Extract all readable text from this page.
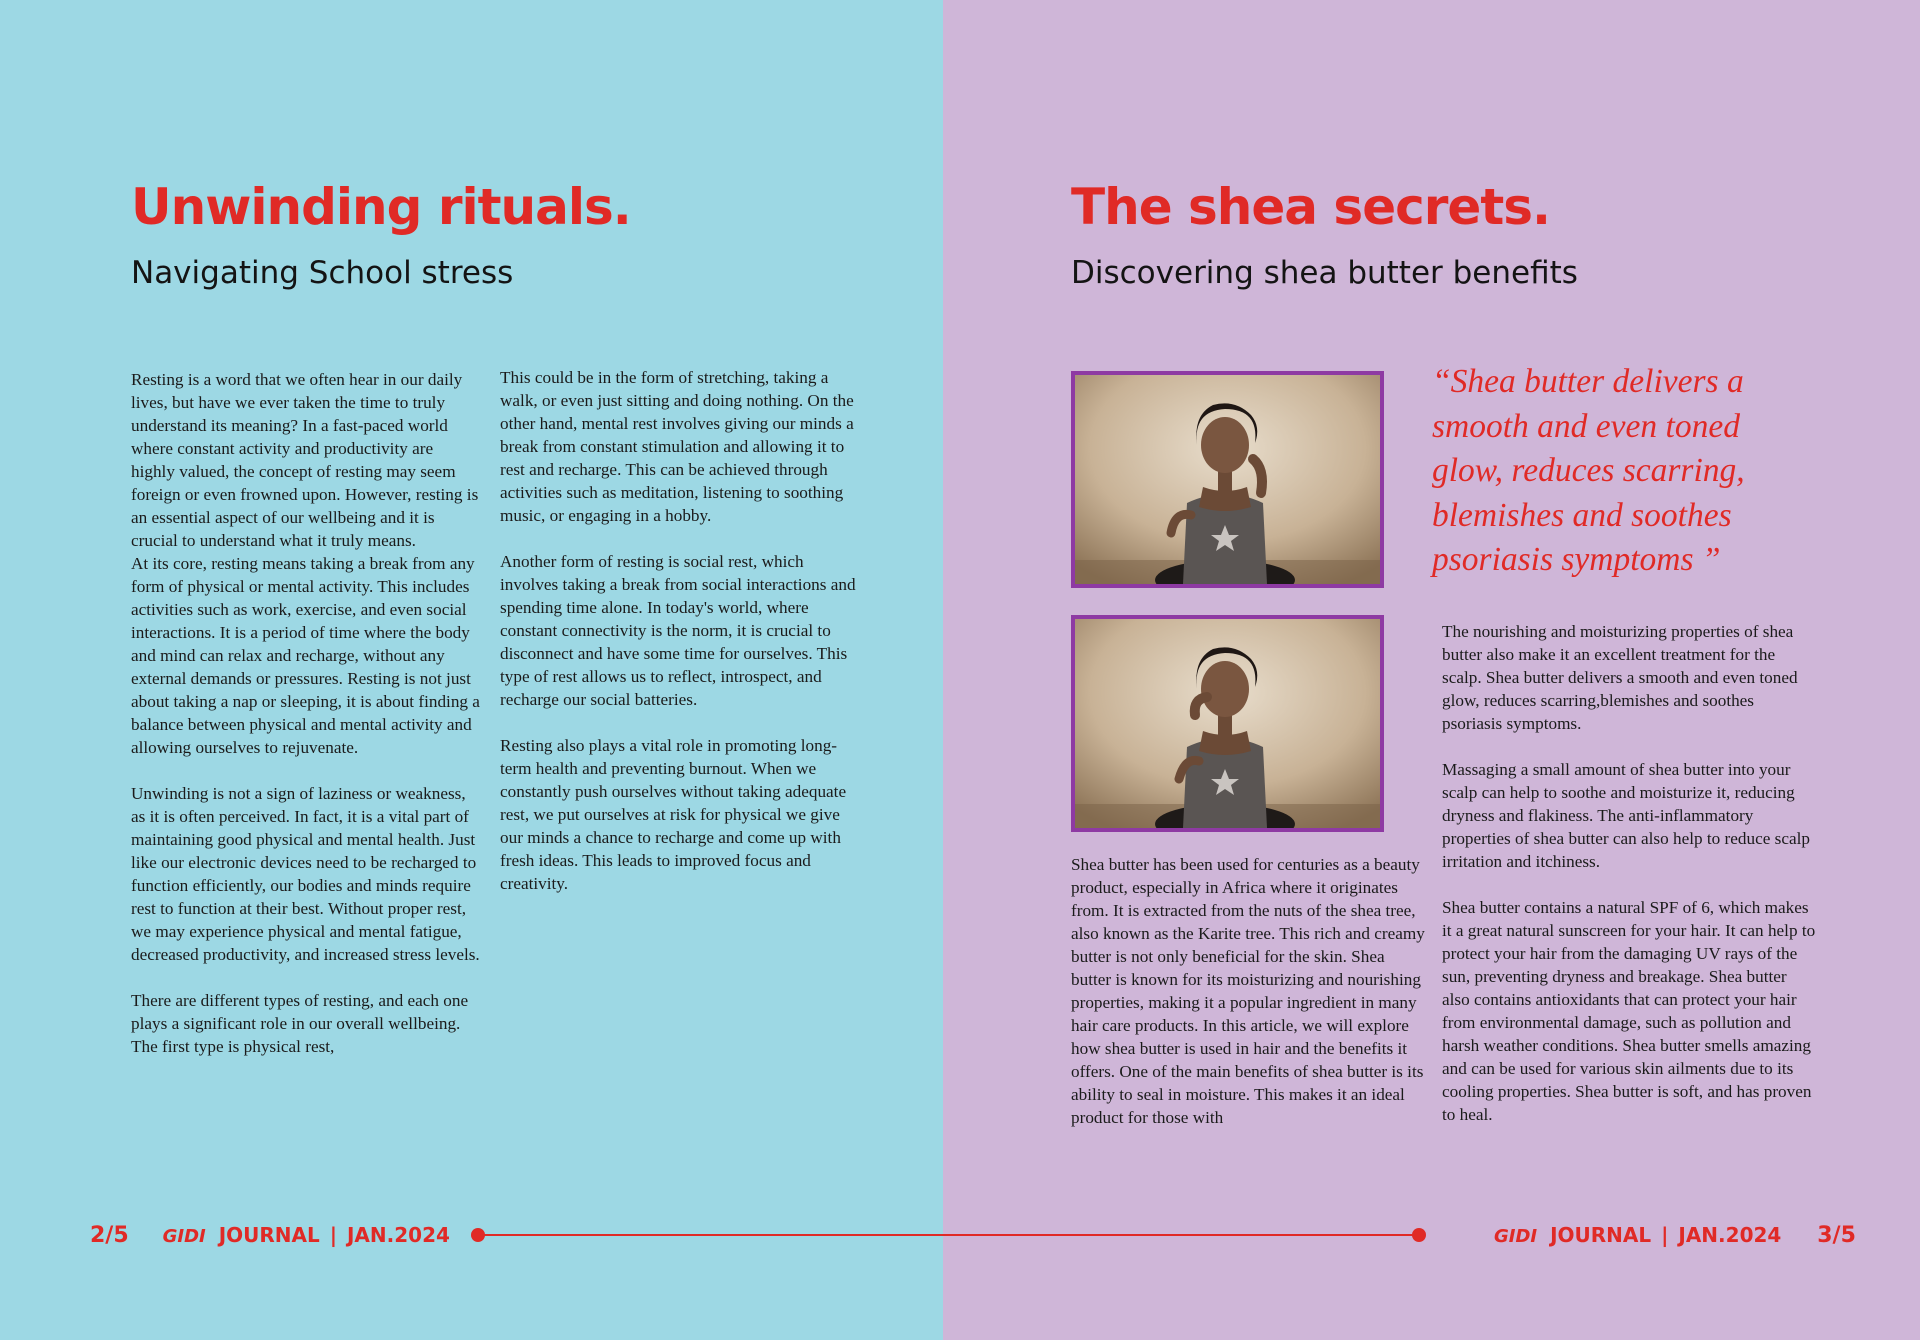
Unwinding rituals.
Navigating School stress

Resting is a word that we often hear in our daily lives, but have we ever taken the time to truly understand its meaning? In a fast-paced world where constant activity and productivity are highly valued, the concept of resting may seem foreign or even frowned upon. However, resting is an essential aspect of our wellbeing and it is crucial to understand what it truly means.

At its core, resting means taking a break from any form of physical or mental activity. This includes activities such as work, exercise, and even social interactions. It is a period of time where the body and mind can relax and recharge, without any external demands or pressures. Resting is not just about taking a nap or sleeping, it is about finding a balance between physical and mental activity and allowing ourselves to rejuvenate.

Unwinding is not a sign of laziness or weakness, as it is often perceived. In fact, it is a vital part of maintaining good physical and mental health. Just like our electronic devices need to be recharged to function efficiently, our bodies and minds require rest to function at their best. Without proper rest, we may experience physical and mental fatigue, decreased productivity, and increased stress levels.

There are different types of resting, and each one plays a significant role in our overall wellbeing. The first type is physical rest,

This could be in the form of stretching, taking a walk, or even just sitting and doing nothing. On the other hand, mental rest involves giving our minds a break from constant stimulation and allowing it to rest and recharge. This can be achieved through activities such as meditation, listening to soothing music, or engaging in a hobby.

Another form of resting is social rest, which involves taking a break from social interactions and spending time alone. In today's world, where constant connectivity is the norm, it is crucial to disconnect and have some time for ourselves. This type of rest allows us to reflect, introspect, and recharge our social batteries.

Resting also plays a vital role in promoting long-term health and preventing burnout. When we constantly push ourselves without taking adequate rest, we put ourselves at risk for physical we give our minds a chance to recharge and come up with fresh ideas. This leads to improved focus and creativity.

The shea secrets.
Discovering shea butter benefits

“Shea butter delivers a smooth and even toned glow, reduces scarring, blemishes and soothes psoriasis symptoms ”

Shea butter has been used for centuries as a beauty product, especially in Africa where it originates from. It is extracted from the nuts of the shea tree, also known as the Karite tree. This rich and creamy butter is not only beneficial for the skin. Shea butter is known for its moisturizing and nourishing properties, making it a popular ingredient in many hair care products. In this article, we will explore how shea butter is used in hair and the benefits it offers. One of the main benefits of shea butter is its ability to seal in moisture. This makes it an ideal product for those with

The nourishing and moisturizing properties of shea butter also make it an excellent treatment for the scalp. Shea butter delivers a smooth and even toned glow, reduces scarring,blemishes and soothes psoriasis symptoms.

Massaging a small amount of shea butter into your scalp can help to soothe and moisturize it, reducing dryness and flakiness. The anti-inflammatory properties of shea butter can also help to reduce scalp irritation and itchiness.

Shea butter contains a natural SPF of 6, which makes it a great natural sunscreen for your hair. It can help to protect your hair from the damaging UV rays of the sun, preventing dryness and breakage. Shea butter also contains antioxidants that can protect your hair from environmental damage, such as pollution and harsh weather conditions. Shea butter smells amazing and can be used for various skin ailments due to its cooling properties. Shea butter is soft, and has proven to heal.

2/5 GIDI JOURNAL | JAN.2024	GIDI JOURNAL | JAN.2024 3/5
